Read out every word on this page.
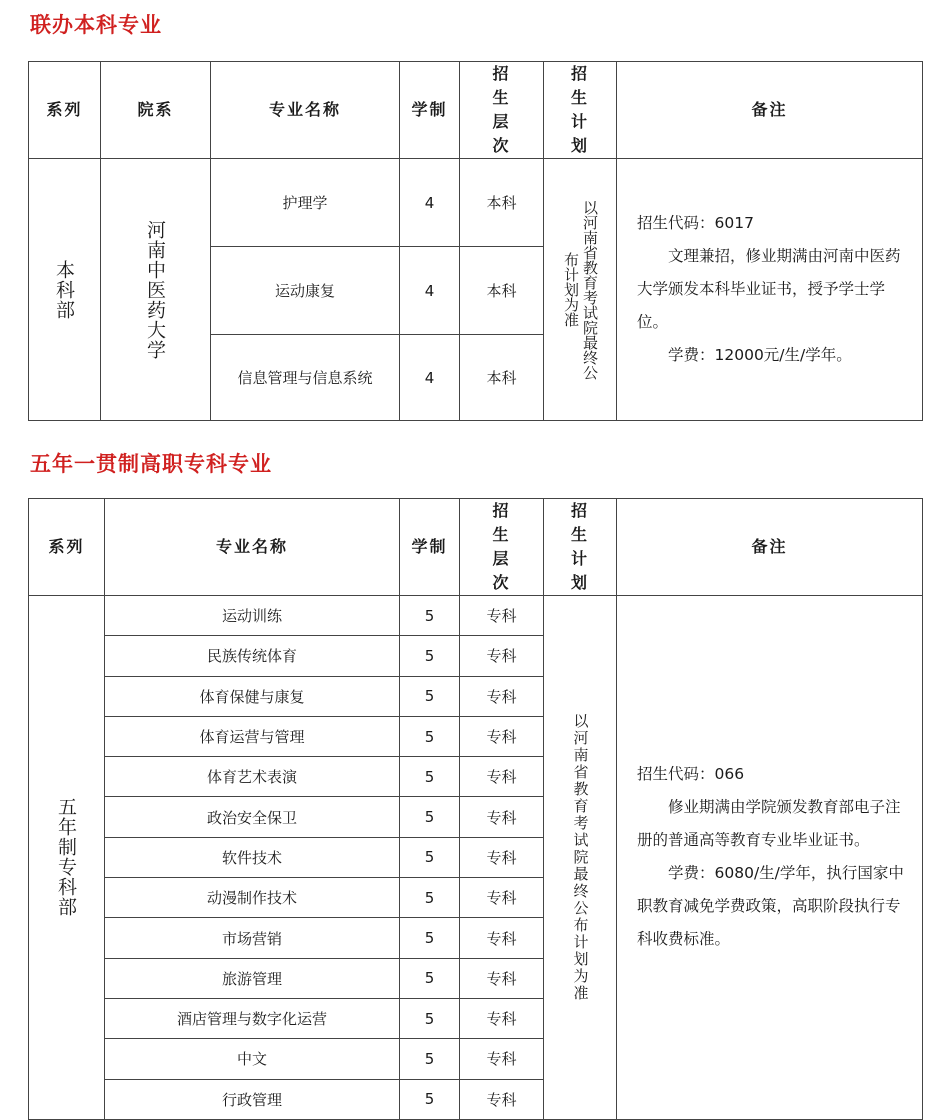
联办本科专业
系列	院系	专业名称	学制	招生层次	招生计划	备注

本科部	河南中医药大学	护理学	4	本科	以河南省教育考试院最终公布计划为准	招生代码：6017

文理兼招，修业期满由河南中医药大学颁发本科毕业证书，授予学士学位。

学费：12000元/生/学年。

		运动康复	4	本科		
		信息管理与信息系统	4	本科		
五年一贯制高职专科专业
系列	专业名称	学制	招生层次	招生计划	备注

五年制专科部	运动训练	5	专科	以河南省教育考试院最终公布计划为准	招生代码：066

修业期满由学院颁发教育部电子注册的普通高等教育专业毕业证书。

学费：6080/生/学年，执行国家中职教育减免学费政策，高职阶段执行专科收费标准。

	民族传统体育	5	专科		
	体育保健与康复	5	专科		
	体育运营与管理	5	专科		
	体育艺术表演	5	专科		
	政治安全保卫	5	专科		
	软件技术	5	专科		
	动漫制作技术	5	专科		
	市场营销	5	专科		
	旅游管理	5	专科		
	酒店管理与数字化运营	5	专科		
	中文	5	专科		
	行政管理	5	专科		
